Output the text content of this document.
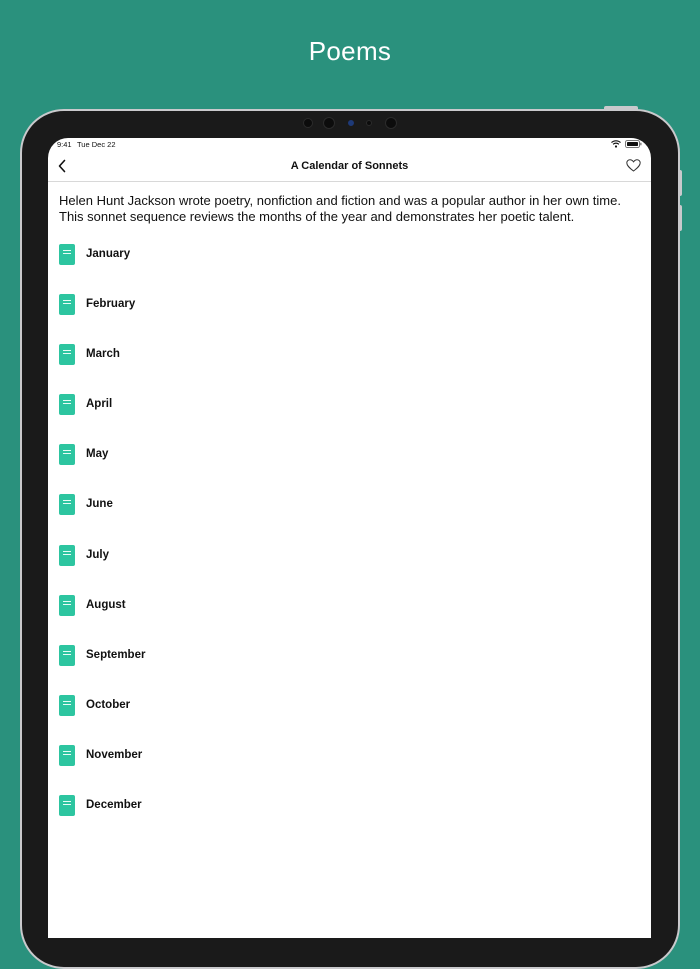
Poems
9:41 Tue Dec 22
A Calendar of Sonnets
Helen Hunt Jackson wrote poetry, nonfiction and fiction and was a popular author in her own time. This sonnet sequence reviews the months of the year and demonstrates her poetic talent.
January
February
March
April
May
June
July
August
September
October
November
December
